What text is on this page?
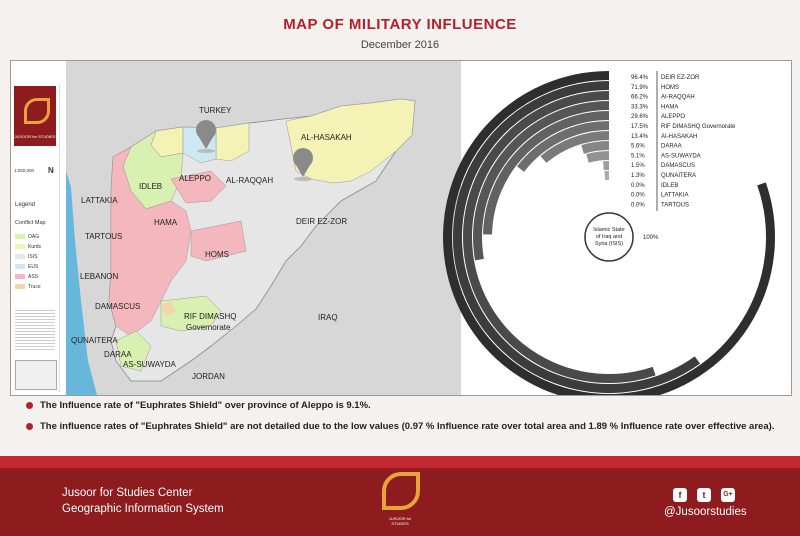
MAP OF MILITARY INFLUENCE
December 2016
TURKEY
AL-HASAKAH
IDLEB
ALEPPO AL-RAQQAH
LATTAKIA
HAMA	DEIR EZ-ZOR
TARTOUS
HOMS
LEBANON
DAMASCUS
RIF DIMASHQ
Governorate
IRAQ
QUNAITERA
DARAA
AS-SUWAYDA
JORDAN
96.4% DEIR EZ-ZOR
71.9% HOMS
66.2% AI-RAQQAH
33.3% HAMA
29.6% ALEPPO
17.5% RIF DIMASHQ Governorate
13.4% AI-HASAKAH
5.6%	DARAA
5.1%	AS-SUWAYDA
1.5%	DAMASCUS
1.3%	QUNAITERA
0.0%	IDLEB
0.0%	LATTAKIA
0.0%	TARTOUS
Islamic State
of Iraq and
Syria (ISIS)
100%
JUSOOR for STUDIES
N
1:250,000
Legend
Conflict Map
OAG
Kurds
ISIS
EUS
ASS
Truce
The Influence rate of "Euphrates Shield" over province of Aleppo is 9.1%.
The influence rates of "Euphrates Shield" are not detailed due to the low values (0.97 % Influence rate over total area and 1.89 % Influence rate over effective area).
Jusoor for Studies Center
Geographic Information System
JUSOOR for STUDIES
f	t	G+
@Jusoorstudies
